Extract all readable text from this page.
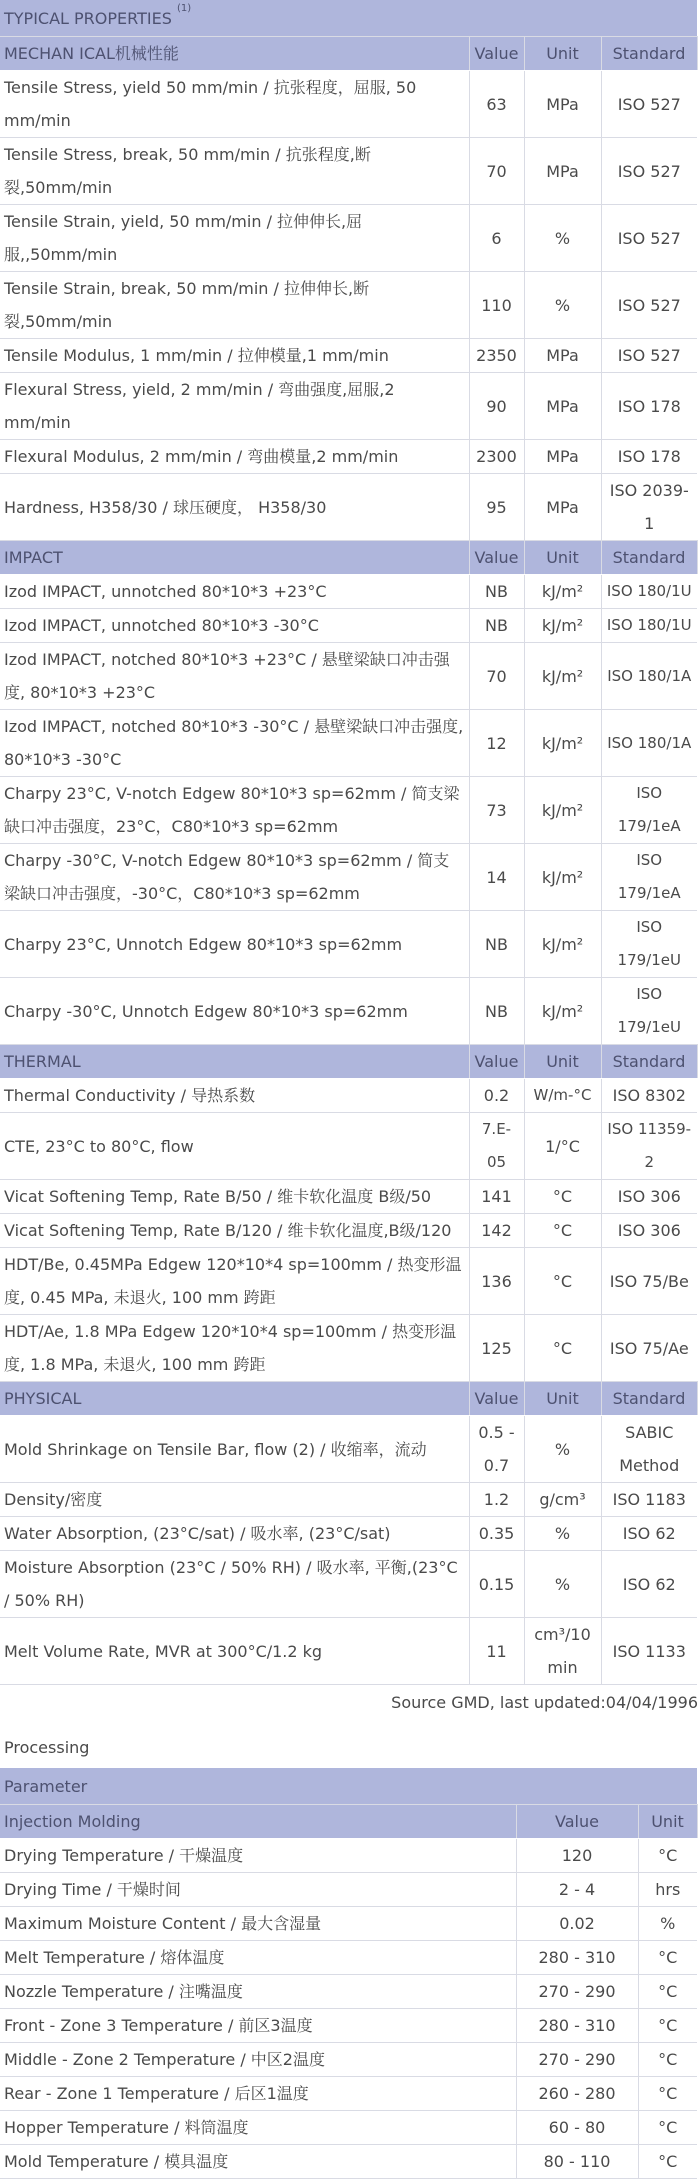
TYPICAL PROPERTIES $^{(1)}$
MECHAN ICAL机械性能	Value	Unit	Standard
Tensile Stress, yield 50 mm/min / 抗张程度，屈服, 50 mm/min	63	MPa	ISO 527
Tensile Stress, break, 50 mm/min / 抗张程度,断裂,50mm/min	70	MPa	ISO 527
Tensile Strain, yield, 50 mm/min / 拉伸伸长,屈服,,50mm/min	6	%	ISO 527
Tensile Strain, break, 50 mm/min / 拉伸伸长,断裂,50mm/min	110	%	ISO 527
Tensile Modulus, 1 mm/min / 拉伸模量,1 mm/min	2350	MPa	ISO 527
Flexural Stress, yield, 2 mm/min / 弯曲强度,屈服,2 mm/min	90	MPa	ISO 178
Flexural Modulus, 2 mm/min / 弯曲模量,2 mm/min	2300	MPa	ISO 178
Hardness, H358/30 / 球压硬度， H358/30	95	MPa	ISO 2039-1
IMPACT	Value	Unit	Standard
Izod IMPACT, unnotched 80*10*3 +23°C	NB	kJ/m²	ISO 180/1U
Izod IMPACT, unnotched 80*10*3 -30°C	NB	kJ/m²	ISO 180/1U
Izod IMPACT, notched 80*10*3 +23°C / 悬壁梁缺口冲击强度, 80*10*3 +23°C	70	kJ/m²	ISO 180/1A
Izod IMPACT, notched 80*10*3 -30°C / 悬壁梁缺口冲击强度, 80*10*3 -30°C	12	kJ/m²	ISO 180/1A
Charpy 23°C, V-notch Edgew 80*10*3 sp=62mm / 简支梁缺口冲击强度，23°C，C80*10*3 sp=62mm	73	kJ/m²	ISO 179/1eA
Charpy -30°C, V-notch Edgew 80*10*3 sp=62mm / 简支梁缺口冲击强度，-30°C，C80*10*3 sp=62mm	14	kJ/m²	ISO 179/1eA
Charpy 23°C, Unnotch Edgew 80*10*3 sp=62mm	NB	kJ/m²	ISO 179/1eU
Charpy -30°C, Unnotch Edgew 80*10*3 sp=62mm	NB	kJ/m²	ISO 179/1eU
THERMAL	Value	Unit	Standard
Thermal Conductivity / 导热系数	0.2	W/m-°C	ISO 8302
CTE, 23°C to 80°C, flow	7.E-05	1/°C	ISO 11359-2
Vicat Softening Temp, Rate B/50 / 维卡软化温度 B级/50	141	°C	ISO 306
Vicat Softening Temp, Rate B/120 / 维卡软化温度,B级/120	142	°C	ISO 306
HDT/Be, 0.45MPa Edgew 120*10*4 sp=100mm / 热变形温度, 0.45 MPa, 未退火, 100 mm 跨距	136	°C	ISO 75/Be
HDT/Ae, 1.8 MPa Edgew 120*10*4 sp=100mm / 热变形温度, 1.8 MPa, 未退火, 100 mm 跨距	125	°C	ISO 75/Ae
PHYSICAL	Value	Unit	Standard
Mold Shrinkage on Tensile Bar, flow (2) / 收缩率，流动	0.5 - 0.7	%	SABIC Method
Density/密度	1.2	g/cm³	ISO 1183
Water Absorption, (23°C/sat) / 吸水率, (23°C/sat)	0.35	%	ISO 62
Moisture Absorption (23°C / 50% RH) / 吸水率, 平衡,(23°C / 50% RH)	0.15	%	ISO 62
Melt Volume Rate, MVR at 300°C/1.2 kg	11	cm³/10 min	ISO 1133
Source GMD, last updated:04/04/1996
Processing
Parameter		
Injection Molding	Value	Unit
Drying Temperature / 干燥温度	120	°C
Drying Time / 干燥时间	2 - 4	hrs
Maximum Moisture Content / 最大含湿量	0.02	%
Melt Temperature / 熔体温度	280 - 310	°C
Nozzle Temperature / 注嘴温度	270 - 290	°C
Front - Zone 3 Temperature / 前区3温度	280 - 310	°C
Middle - Zone 2 Temperature / 中区2温度	270 - 290	°C
Rear - Zone 1 Temperature / 后区1温度	260 - 280	°C
Hopper Temperature / 料筒温度	60 - 80	°C
Mold Temperature / 模具温度	80 - 110	°C
